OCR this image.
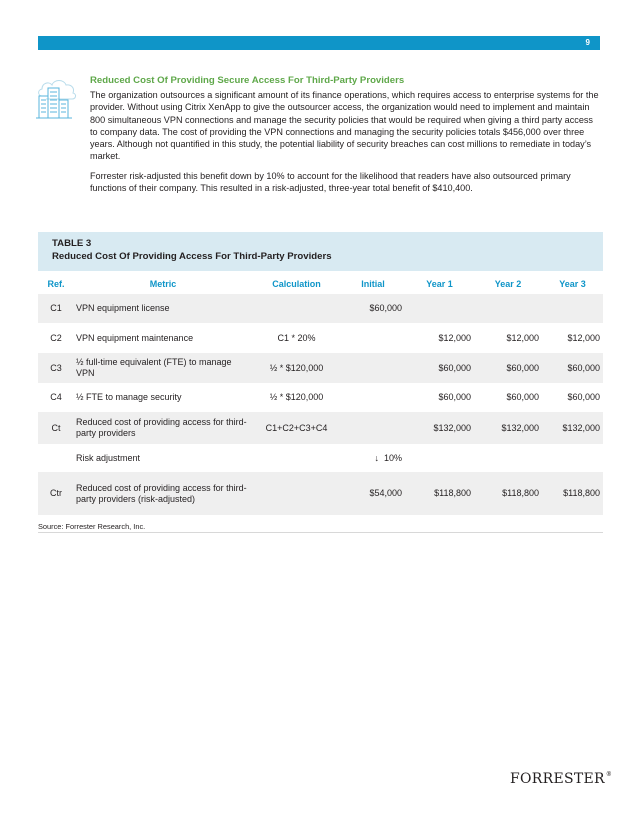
9
Reduced Cost Of Providing Secure Access For Third-Party Providers

The organization outsources a significant amount of its finance operations, which requires access to enterprise systems for the provider. Without using Citrix XenApp to give the outsourcer access, the organization would need to implement and maintain 800 simultaneous VPN connections and manage the security policies that would be required when giving a third party access to company data. The cost of providing the VPN connections and managing the security policies totals $456,000 over three years. Although not quantified in this study, the potential liability of security breaches can cost millions to remediate in today’s market.

Forrester risk-adjusted this benefit down by 10% to account for the likelihood that readers have also outsourced primary functions of their company. This resulted in a risk-adjusted, three-year total benefit of $410,400.

TABLE 3
Reduced Cost Of Providing Access For Third-Party Providers
Ref.	Metric	Calculation	Initial	Year 1	Year 2	Year 3
C1	VPN equipment license		$60,000			
C2	VPN equipment maintenance	C1 * 20%		$12,000	$12,000	$12,000
C3	½ full-time equivalent (FTE) to manage VPN	½ * $120,000		$60,000	$60,000	$60,000
C4	½ FTE to manage security	½ * $120,000		$60,000	$60,000	$60,000
Ct	Reduced cost of providing access for third-party providers	C1+C2+C3+C4		$132,000	$132,000	$132,000
	Risk adjustment		↓ 10%			
Ctr	Reduced cost of providing access for third-party providers (risk-adjusted)		$54,000	$118,800	$118,800	$118,800
Source: Forrester Research, Inc.
FORRESTER®
